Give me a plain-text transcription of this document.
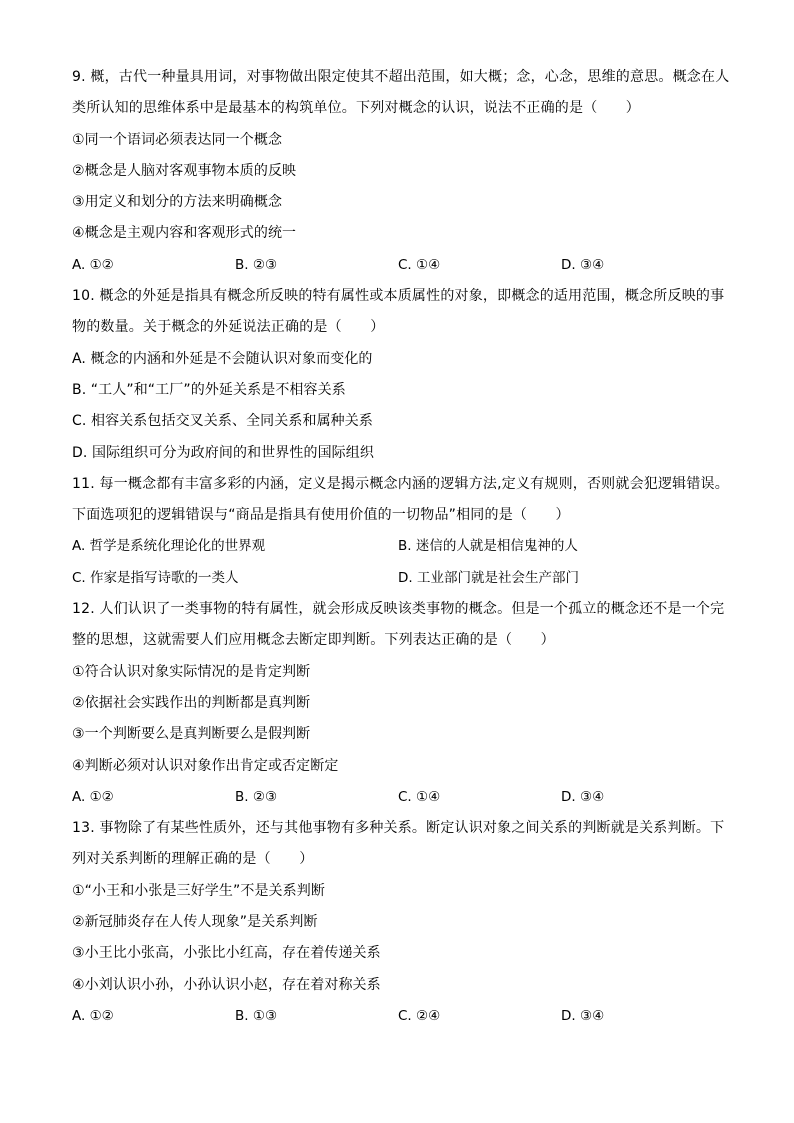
9. 概，古代一种量具用词，对事物做出限定使其不超出范围，如大概；念，心念，思维的意思。概念在人
类所认知的思维体系中是最基本的构筑单位。下列对概念的认识，说法不正确的是（　　）
①同一个语词必须表达同一个概念
②概念是人脑对客观事物本质的反映
③用定义和划分的方法来明确概念
④概念是主观内容和客观形式的统一
A. ①②	B. ②③	C. ①④	D. ③④
10. 概念的外延是指具有概念所反映的特有属性或本质属性的对象，即概念的适用范围，概念所反映的事
物的数量。关于概念的外延说法正确的是（　　）
A. 概念的内涵和外延是不会随认识对象而变化的
B. “工人”和“工厂”的外延关系是不相容关系
C. 相容关系包括交叉关系、全同关系和属种关系
D. 国际组织可分为政府间的和世界性的国际组织
11. 每一概念都有丰富多彩的内涵，定义是揭示概念内涵的逻辑方法,定义有规则，否则就会犯逻辑错误。
下面选项犯的逻辑错误与“商品是指具有使用价值的一切物品”相同的是（　　）
A. 哲学是系统化理论化的世界观	B. 迷信的人就是相信鬼神的人
C. 作家是指写诗歌的一类人	D. 工业部门就是社会生产部门
12. 人们认识了一类事物的特有属性，就会形成反映该类事物的概念。但是一个孤立的概念还不是一个完
整的思想，这就需要人们应用概念去断定即判断。下列表达正确的是（　　）
①符合认识对象实际情况的是肯定判断
②依据社会实践作出的判断都是真判断
③一个判断要么是真判断要么是假判断
④判断必须对认识对象作出肯定或否定断定
A. ①②	B. ②③	C. ①④	D. ③④
13. 事物除了有某些性质外，还与其他事物有多种关系。断定认识对象之间关系的判断就是关系判断。下
列对关系判断的理解正确的是（　　）
①“小王和小张是三好学生”不是关系判断
②新冠肺炎存在人传人现象”是关系判断
③小王比小张高，小张比小红高，存在着传递关系
④小刘认识小孙，小孙认识小赵，存在着对称关系
A. ①②	B. ①③	C. ②④	D. ③④
